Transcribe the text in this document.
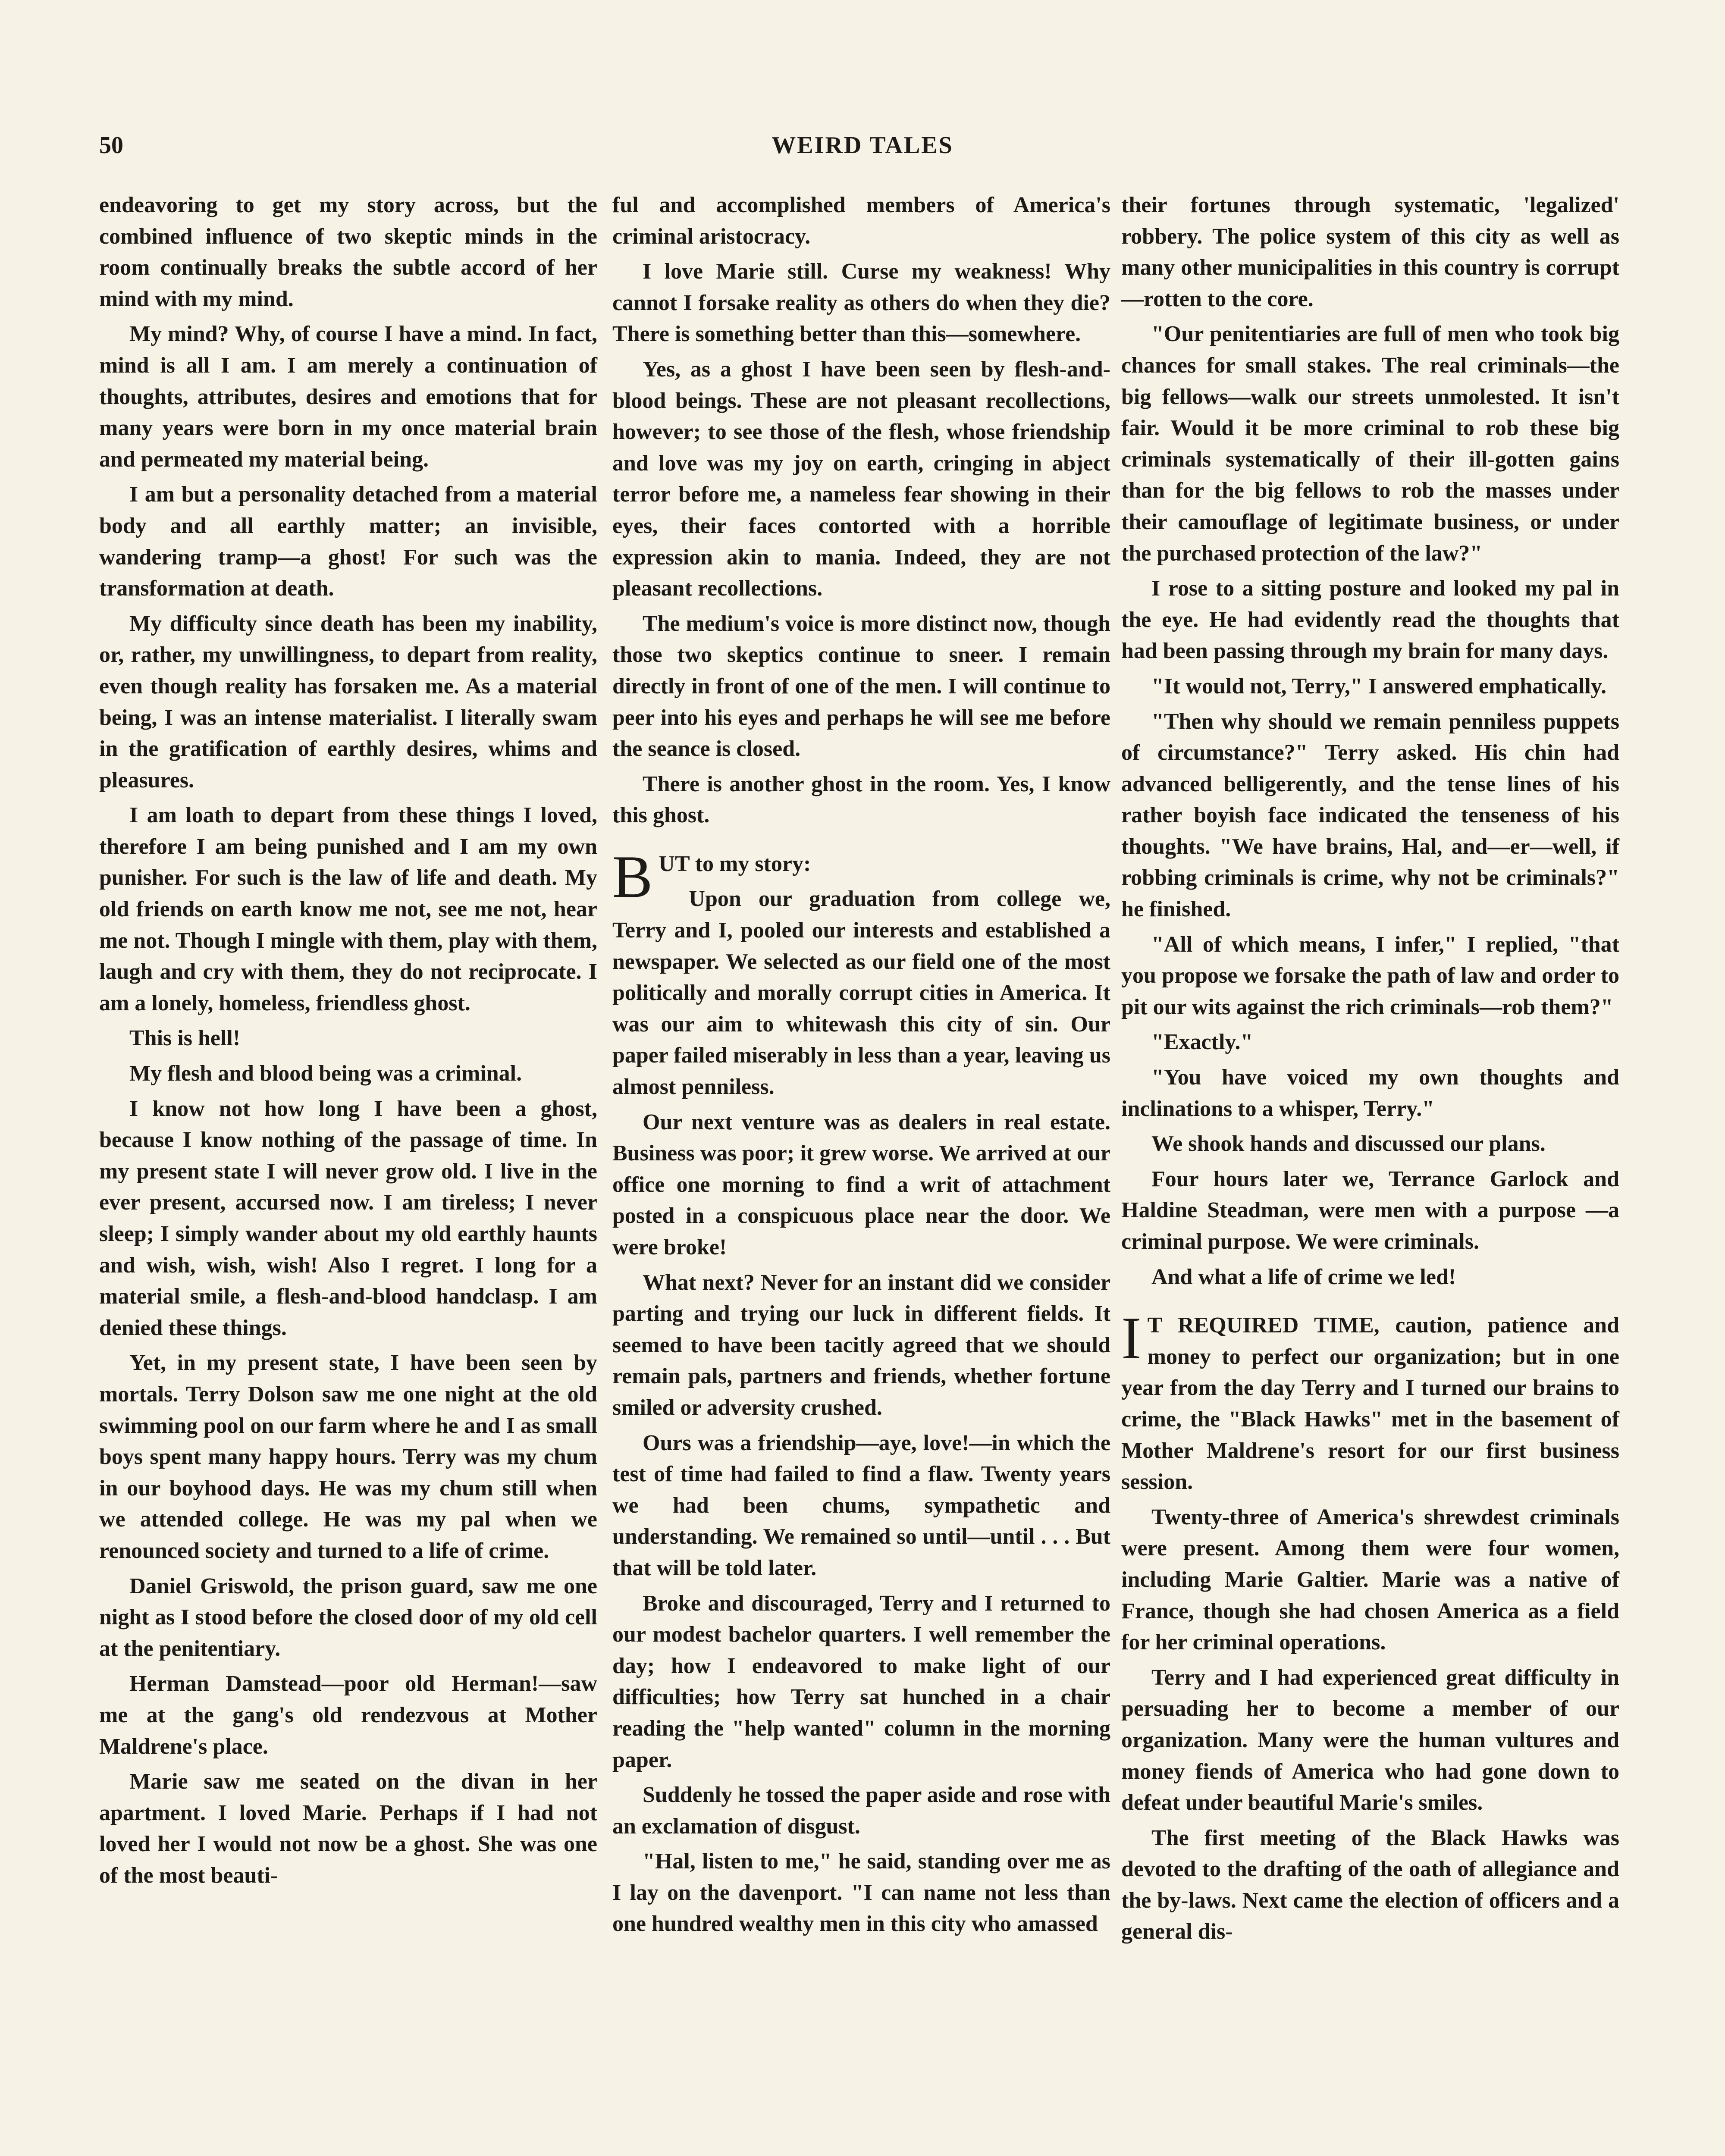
50	WEIRD TALES

endeavoring to get my story across, but the combined influence of two skeptic minds in the room continually breaks the subtle accord of her mind with my mind.

My mind? Why, of course I have a mind. In fact, mind is all I am. I am merely a continuation of thoughts, attributes, desires and emotions that for many years were born in my once material brain and permeated my material being.

I am but a personality detached from a material body and all earthly matter; an invisible, wandering tramp—a ghost! For such was the transformation at death.

My difficulty since death has been my inability, or, rather, my unwillingness, to depart from reality, even though reality has forsaken me. As a material being, I was an intense materialist. I literally swam in the gratification of earthly desires, whims and pleasures.

I am loath to depart from these things I loved, therefore I am being punished and I am my own punisher. For such is the law of life and death. My old friends on earth know me not, see me not, hear me not. Though I mingle with them, play with them, laugh and cry with them, they do not reciprocate. I am a lonely, homeless, friendless ghost.

This is hell!

My flesh and blood being was a criminal.

I know not how long I have been a ghost, because I know nothing of the passage of time. In my present state I will never grow old. I live in the ever present, accursed now. I am tireless; I never sleep; I simply wander about my old earthly haunts and wish, wish, wish! Also I regret. I long for a material smile, a flesh-and-blood handclasp. I am denied these things.

Yet, in my present state, I have been seen by mortals. Terry Dolson saw me one night at the old swimming pool on our farm where he and I as small boys spent many happy hours. Terry was my chum in our boyhood days. He was my chum still when we attended college. He was my pal when we renounced society and turned to a life of crime.

Daniel Griswold, the prison guard, saw me one night as I stood before the closed door of my old cell at the penitentiary.

Herman Damstead—poor old Herman!—saw me at the gang's old rendezvous at Mother Maldrene's place.

Marie saw me seated on the divan in her apartment. I loved Marie. Perhaps if I had not loved her I would not now be a ghost. She was one of the most beauti-

ful and accomplished members of America's criminal aristocracy.

I love Marie still. Curse my weakness! Why cannot I forsake reality as others do when they die? There is something better than this—somewhere.

Yes, as a ghost I have been seen by flesh-and-blood beings. These are not pleasant recollections, however; to see those of the flesh, whose friendship and love was my joy on earth, cringing in abject terror before me, a nameless fear showing in their eyes, their faces contorted with a horrible expression akin to mania. Indeed, they are not pleasant recollections.

The medium's voice is more distinct now, though those two skeptics continue to sneer. I remain directly in front of one of the men. I will continue to peer into his eyes and perhaps he will see me before the seance is closed.

There is another ghost in the room. Yes, I know this ghost.

BUT to my story:

Upon our graduation from college we, Terry and I, pooled our interests and established a newspaper. We selected as our field one of the most politically and morally corrupt cities in America. It was our aim to whitewash this city of sin. Our paper failed miserably in less than a year, leaving us almost penniless.

Our next venture was as dealers in real estate. Business was poor; it grew worse. We arrived at our office one morning to find a writ of attachment posted in a conspicuous place near the door. We were broke!

What next? Never for an instant did we consider parting and trying our luck in different fields. It seemed to have been tacitly agreed that we should remain pals, partners and friends, whether fortune smiled or adversity crushed.

Ours was a friendship—aye, love!—in which the test of time had failed to find a flaw. Twenty years we had been chums, sympathetic and understanding. We remained so until—until . . . But that will be told later.

Broke and discouraged, Terry and I returned to our modest bachelor quarters. I well remember the day; how I endeavored to make light of our difficulties; how Terry sat hunched in a chair reading the "help wanted" column in the morning paper.

Suddenly he tossed the paper aside and rose with an exclamation of disgust.

"Hal, listen to me," he said, standing over me as I lay on the davenport. "I can name not less than one hundred wealthy men in this city who amassed

their fortunes through systematic, 'legalized' robbery. The police system of this city as well as many other municipalities in this country is corrupt—rotten to the core.

"Our penitentiaries are full of men who took big chances for small stakes. The real criminals—the big fellows—walk our streets unmolested. It isn't fair. Would it be more criminal to rob these big criminals systematically of their ill-gotten gains than for the big fellows to rob the masses under their camouflage of legitimate business, or under the purchased protection of the law?"

I rose to a sitting posture and looked my pal in the eye. He had evidently read the thoughts that had been passing through my brain for many days.

"It would not, Terry," I answered emphatically.

"Then why should we remain penniless puppets of circumstance?" Terry asked. His chin had advanced belligerently, and the tense lines of his rather boyish face indicated the tenseness of his thoughts. "We have brains, Hal, and—er—well, if robbing criminals is crime, why not be criminals?" he finished.

"All of which means, I infer," I replied, "that you propose we forsake the path of law and order to pit our wits against the rich criminals—rob them?"

"Exactly."

"You have voiced my own thoughts and inclinations to a whisper, Terry."

We shook hands and discussed our plans.

Four hours later we, Terrance Garlock and Haldine Steadman, were men with a purpose —a criminal purpose. We were criminals.

And what a life of crime we led!

I T REQUIRED TIME, caution, patience and money to perfect our organization; but in one year from the day Terry and I turned our brains to crime, the "Black Hawks" met in the basement of Mother Maldrene's resort for our first business session.

Twenty-three of America's shrewdest criminals were present. Among them were four women, including Marie Galtier. Marie was a native of France, though she had chosen America as a field for her criminal operations.

Terry and I had experienced great difficulty in persuading her to become a member of our organization. Many were the human vultures and money fiends of America who had gone down to defeat under beautiful Marie's smiles.

The first meeting of the Black Hawks was devoted to the drafting of the oath of allegiance and the by-laws. Next came the election of officers and a general dis-
